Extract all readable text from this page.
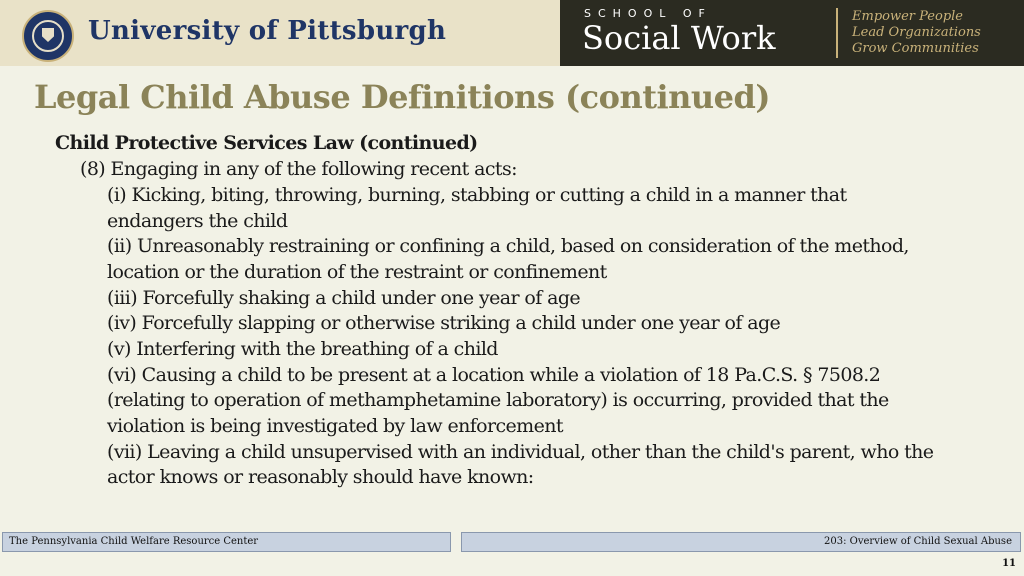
University of Pittsburgh
SCHOOL OF
Social Work
Empower People
Lead Organizations
Grow Communities
Legal Child Abuse Definitions (continued)
Child Protective Services Law (continued)
(8) Engaging in any of the following recent acts:
(i) Kicking, biting, throwing, burning, stabbing or cutting a child in a manner that
endangers the child
(ii) Unreasonably restraining or confining a child, based on consideration of the method,
location or the duration of the restraint or confinement
(iii) Forcefully shaking a child under one year of age
(iv) Forcefully slapping or otherwise striking a child under one year of age
(v) Interfering with the breathing of a child
(vi) Causing a child to be present at a location while a violation of 18 Pa.C.S. § 7508.2
(relating to operation of methamphetamine laboratory) is occurring, provided that the
violation is being investigated by law enforcement
(vii) Leaving a child unsupervised with an individual, other than the child's parent, who the
actor knows or reasonably should have known:
The Pennsylvania Child Welfare Resource Center	203: Overview of Child Sexual Abuse
11
